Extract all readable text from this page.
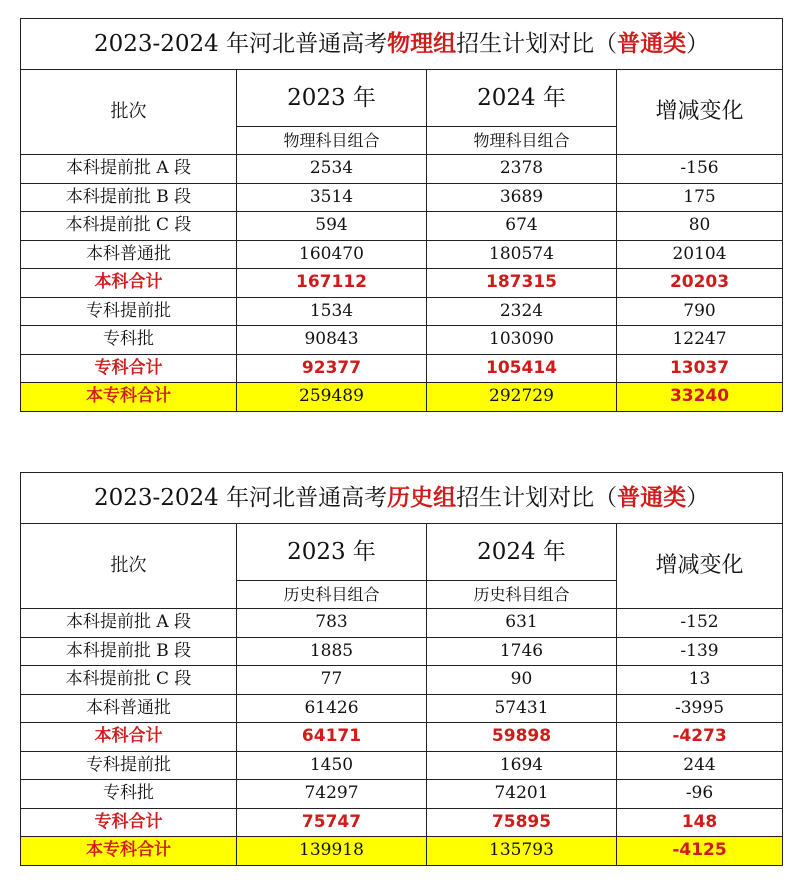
2023-2024 年河北普通高考物理组招生计划对比（普通类）			
批次	2023 年	2024 年	增减变化
	物理科目组合	物理科目组合	
本科提前批 A 段	2534	2378	-156
本科提前批 B 段	3514	3689	175
本科提前批 C 段	594	674	80
本科普通批	160470	180574	20104
本科合计	167112	187315	20203
专科提前批	1534	2324	790
专科批	90843	103090	12247
专科合计	92377	105414	13037
本专科合计	259489	292729	33240
2023-2024 年河北普通高考历史组招生计划对比（普通类）			
批次	2023 年	2024 年	增减变化
	历史科目组合	历史科目组合	
本科提前批 A 段	783	631	-152
本科提前批 B 段	1885	1746	-139
本科提前批 C 段	77	90	13
本科普通批	61426	57431	-3995
本科合计	64171	59898	-4273
专科提前批	1450	1694	244
专科批	74297	74201	-96
专科合计	75747	75895	148
本专科合计	139918	135793	-4125
